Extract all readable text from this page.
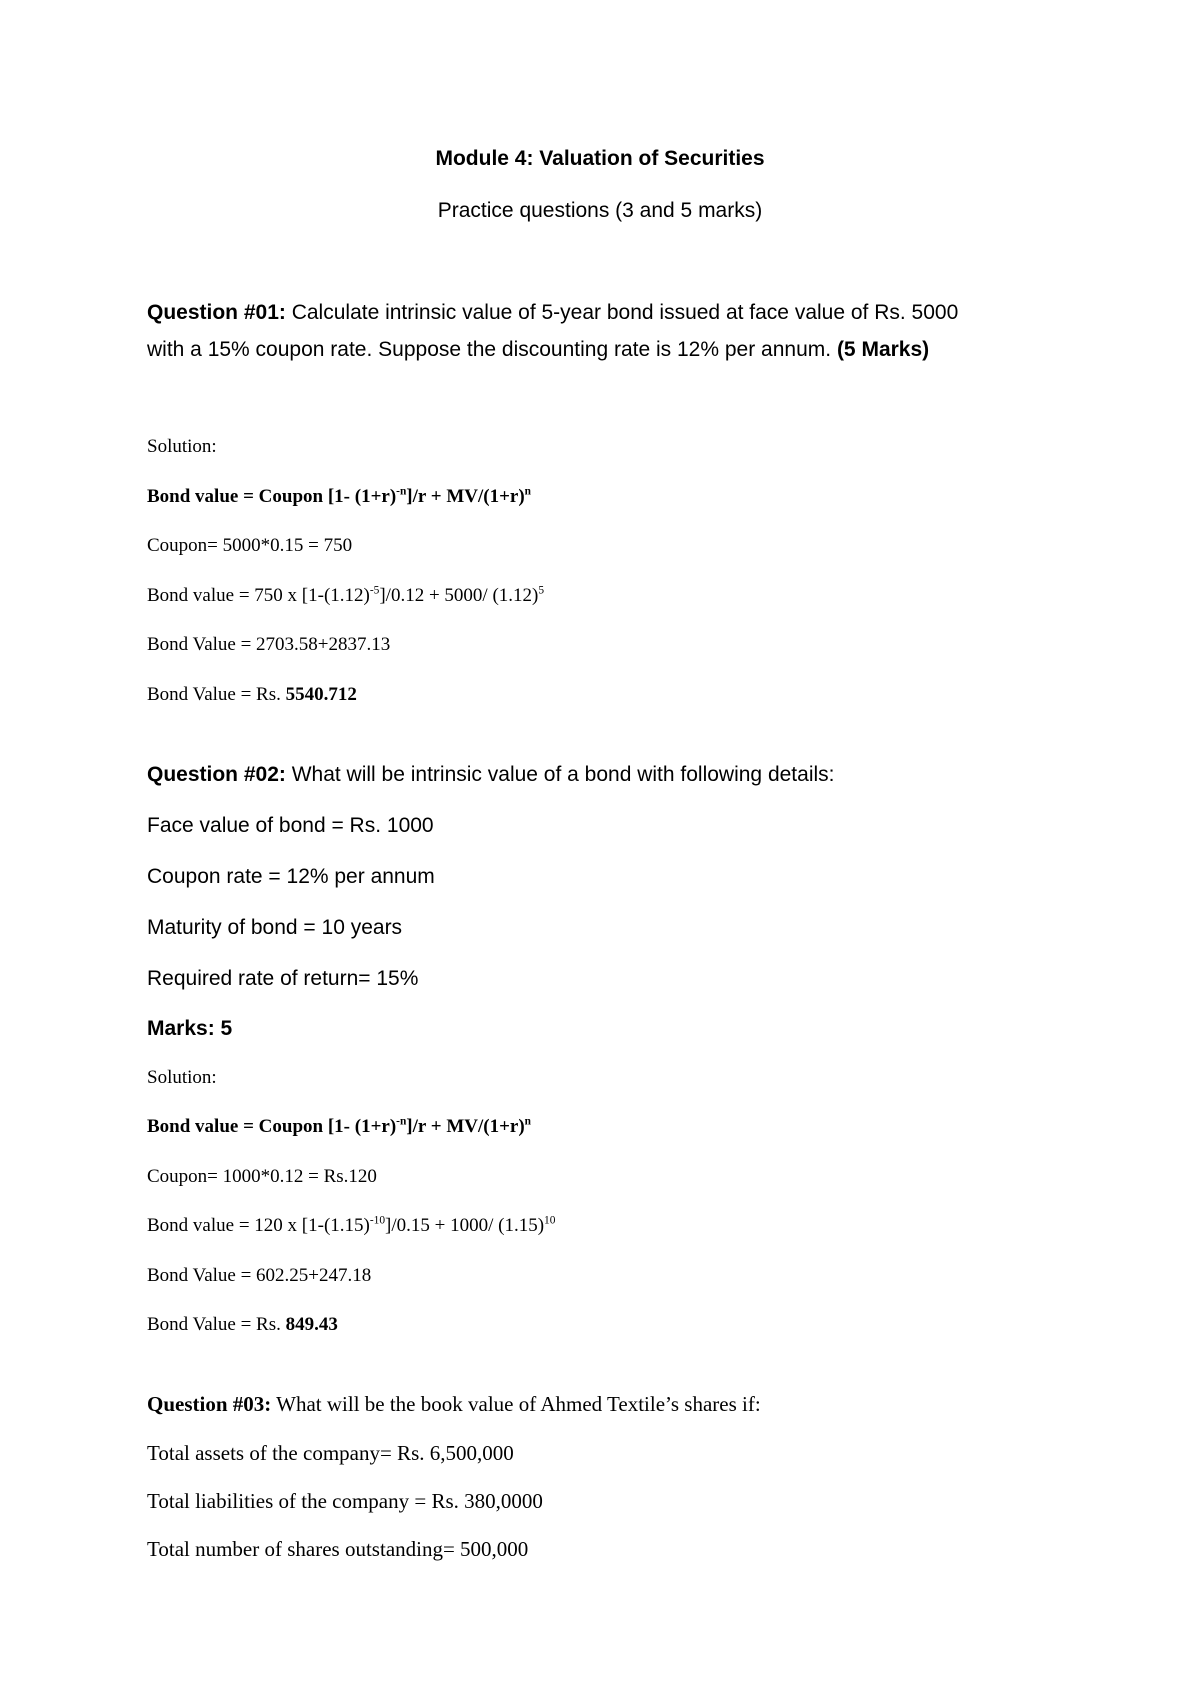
Module 4: Valuation of Securities
Practice questions (3 and 5 marks)
Question #01: Calculate intrinsic value of 5-year bond issued at face value of Rs. 5000
with a 15% coupon rate. Suppose the discounting rate is 12% per annum. (5 Marks)
Solution:
Bond value = Coupon [1- $(1+r)^{-n}]/r + MV/(1+r)^n$
Coupon= 5000*0.15 = 750
Bond value = 750 x $[1-(1.12)^{-5}]/0.12 + 5000/$ $(1.12)^5$
Bond Value = 2703.58+2837.13
Bond Value = Rs. 5540.712
Question #02: What will be intrinsic value of a bond with following details:
Face value of bond = Rs. 1000
Coupon rate = 12% per annum
Maturity of bond = 10 years
Required rate of return= 15%
Marks: 5
Solution:
Bond value = Coupon [1- $(1+r)^{-n}]/r + MV/(1+r)^n$
Coupon= 1000*0.12 = Rs.120
Bond value = 120 x $[1-(1.15)^{-10}]/0.15 + 1000/$ $(1.15)^{10}$
Bond Value = 602.25+247.18
Bond Value = Rs. 849.43
Question #03: What will be the book value of Ahmed Textile’s shares if:
Total assets of the company= Rs. 6,500,000
Total liabilities of the company = Rs. 380,0000
Total number of shares outstanding= 500,000
